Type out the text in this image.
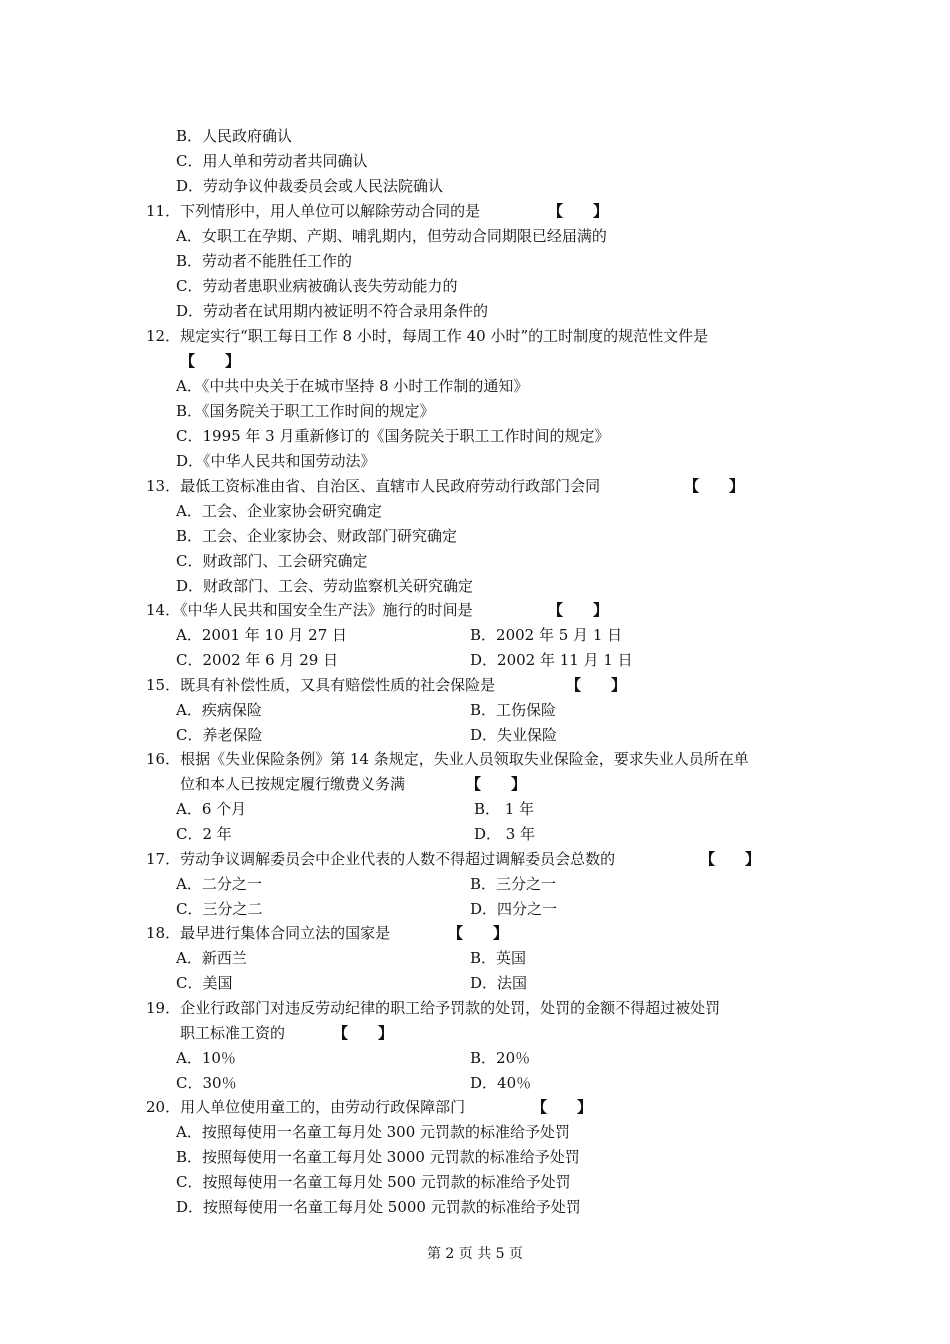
B．人民政府确认
C．用人单和劳动者共同确认
D．劳动争议仲裁委员会或人民法院确认
11．下列情形中，用人单位可以解除劳动合同的是	【　　】
A．女职工在孕期、产期、哺乳期内，但劳动合同期限已经届满的
B．劳动者不能胜任工作的
C．劳动者患职业病被确认丧失劳动能力的
D．劳动者在试用期内被证明不符合录用条件的
12．规定实行“职工每日工作 8 小时，每周工作 40 小时”的工时制度的规范性文件是
【　　】
A．《中共中央关于在城市坚持 8 小时工作制的通知》
B．《国务院关于职工工作时间的规定》
C．1995 年 3 月重新修订的《国务院关于职工工作时间的规定》
D．《中华人民共和国劳动法》
13．最低工资标准由省、自治区、直辖市人民政府劳动行政部门会同	【　　】
A．工会、企业家协会研究确定
B．工会、企业家协会、财政部门研究确定
C．财政部门、工会研究确定
D．财政部门、工会、劳动监察机关研究确定
14．《中华人民共和国安全生产法》施行的时间是	【　　】
A．2001 年 10 月 27 日	B．2002 年 5 月 1 日
C．2002 年 6 月 29 日	D．2002 年 11 月 1 日
15．既具有补偿性质，又具有赔偿性质的社会保险是	【　　】
A．疾病保险	B．工伤保险
C．养老保险	D．失业保险
16．根据《失业保险条例》第 14 条规定，失业人员领取失业保险金，要求失业人员所在单
位和本人已按规定履行缴费义务满	【　　】
A．6 个月	B． 1 年
C．2 年	D． 3 年
17．劳动争议调解委员会中企业代表的人数不得超过调解委员会总数的	【　　】
A．二分之一	B．三分之一
C．三分之二	D．四分之一
18．最早进行集体合同立法的国家是	【　　】
A．新西兰	B．英国
C．美国	D．法国
19．企业行政部门对违反劳动纪律的职工给予罚款的处罚，处罚的金额不得超过被处罚
职工标准工资的	【　　】
A．10％	B．20％
C．30％	D．40％
20．用人单位使用童工的，由劳动行政保障部门	【　　】
A．按照每使用一名童工每月处 300 元罚款的标准给予处罚
B．按照每使用一名童工每月处 3000 元罚款的标准给予处罚
C．按照每使用一名童工每月处 500 元罚款的标准给予处罚
D．按照每使用一名童工每月处 5000 元罚款的标准给予处罚
第 2 页 共 5 页
